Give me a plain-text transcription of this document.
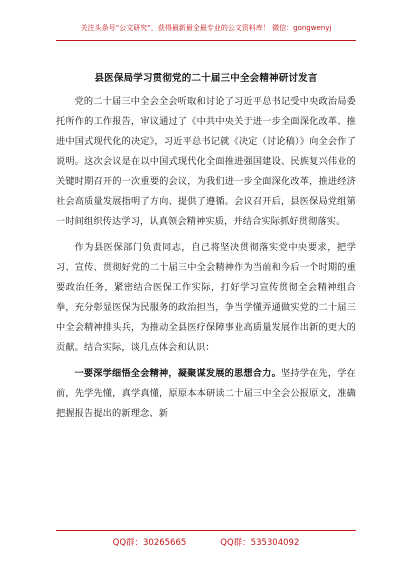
关注头条号“公文研究”，获得最新最全最专业的公文资料库！ 微信：gongwenyj
县医保局学习贯彻党的二十届三中全会精神研讨发言

党的二十届三中全会全会听取和讨论了习近平总书记受中央政治局委托所作的工作报告，审议通过了《中共中央关于进一步全面深化改革、推进中国式现代化的决定》，习近平总书记就《决定（讨论稿）》向全会作了说明。这次会议是在以中国式现代化全面推进强国建设、民族复兴伟业的关键时期召开的一次重要的会议，为我们进一步全面深化改革，推进经济社会高质量发展指明了方向、提供了遵循。会议召开后，县医保局党组第一时间组织传达学习，认真领会精神实质，并结合实际抓好贯彻落实。

作为县医保部门负责同志，自己将坚决贯彻落实党中央要求，把学习、宣传、贯彻好党的二十届三中全会精神作为当前和今后一个时期的重要政治任务，紧密结合医保工作实际，打好学习宣传贯彻全会精神组合拳，充分彰显医保为民服务的政治担当，争当学懂弄通做实党的二十届三中全会精神排头兵，为推动全县医疗保障事业高质量发展作出新的更大的贡献。结合实际，谈几点体会和认识：

一要深学细悟全会精神，凝聚谋发展的思想合力。坚持学在先，学在前，先学先懂，真学真懂，原原本本研读二十届三中全会公报原文，准确把握报告提出的新理念、新

QQ群：30265665	QQ群：535304092
